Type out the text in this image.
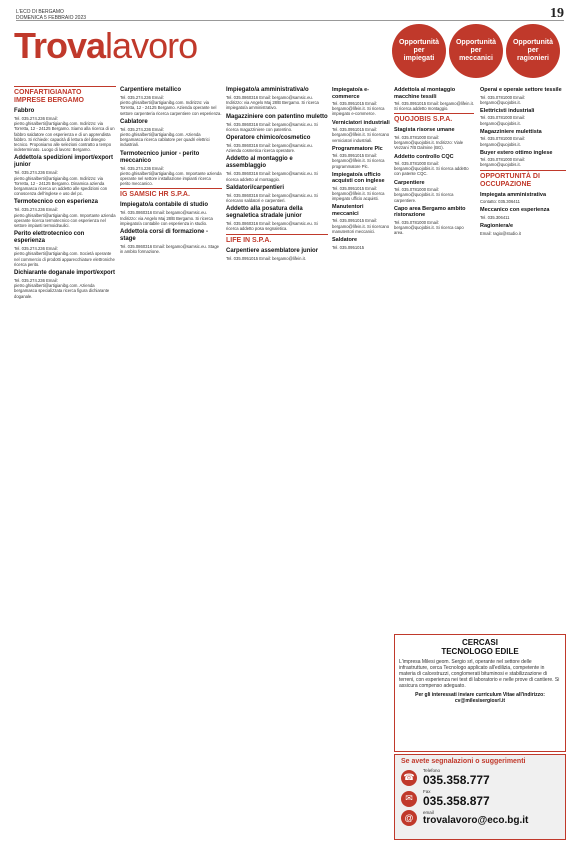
L'ECO DI BERGAMO
DOMENICA 5 FEBBRAIO 2023	19
Trovalavoro	Opportunità
per
impiegati
Opportunità
per
meccanici
Opportunità
per
ragionieri
CONFARTIGIANATO
IMPRESE BERGAMO
Fabbro

Tel. 035.274.236 Email: pietro.ghisalberti@artigianibg.com. Indirizzo: via Torretta, 12 - 24125 Bergamo. Siamo alla ricerca di un fabbro saldatore con esperienza e di un apprendista fabbro. Si richiede: capacità di lettura del disegno tecnico. Proponiamo alle selezioni contratto a tempo indeterminato. Luogo di lavoro: Bergamo.

Addetto/a spedizioni import/export junior

Tel. 035.274.236 Email: pietro.ghisalberti@artigianibg.com. Indirizzo: via Torretta, 12 - 24125 Bergamo. Dinamica azienda bergamasca ricerca un addetto alle spedizioni con conoscenza dell'inglese e uso del pc.

Termotecnico con esperienza

Tel. 035.274.236 Email: pietro.ghisalberti@artigianibg.com. Importante azienda operante ricerca termotecnico con esperienza nel settore impianti termoidraulici.

Perito elettrotecnico con esperienza

Tel. 035.274.236 Email: pietro.ghisalberti@artigianibg.com. Società operante nel commercio di prodotti apparecchiature elettroniche ricerca perito.

Dichiarante doganale import/export

Tel. 035.274.236 Email: pietro.ghisalberti@artigianibg.com. Azienda bergamasca specializzata ricerca figura dichiarante doganale.

Carpentiere metallico

Tel. 035.274.236 Email: pietro.ghisalberti@artigianibg.com. Indirizzo: via Torretta, 12 - 24125 Bergamo. Azienda operante nel settore carpenteria ricerca carpentiere con esperienza.

Cablatore

Tel. 035.274.236 Email: pietro.ghisalberti@artigianibg.com. Azienda bergamasca ricerca cablatore per quadri elettrici industriali.

Termotecnico junior - perito meccanico

Tel. 035.274.236 Email: pietro.ghisalberti@artigianibg.com. Importante azienda operante nel settore installazione impianti ricerca perito meccanico.

IG SAMSIC HR S.P.A.
Impiegato/a contabile di studio

Tel. 035.0860316 Email: bergamo@samsic.eu. Indirizzo: via Angelo Maj 28/B Bergamo. Si ricerca impiegato/a contabile con esperienza in studio.

Addetto/a corsi di formazione - stage

Tel. 035.0860316 Email: bergamo@samsic.eu. Stage in ambito formazione.

Impiegato/a amministrativa/o

Tel. 035.0860316 Email: bergamo@samsic.eu. Indirizzo: via Angelo Maj 28/B Bergamo. Si ricerca impiegato/a amministrativo.

Magazziniere con patentino muletto

Tel. 035.0860316 Email: bergamo@samsic.eu. Si ricerca magazziniere con patentino.

Operatore chimico/cosmetico

Tel. 035.0860316 Email: bergamo@samsic.eu. Azienda cosmetica ricerca operatore.

Addetto al montaggio e assemblaggio

Tel. 035.0860316 Email: bergamo@samsic.eu. Si ricerca addetto al montaggio.

Saldatori/carpentieri

Tel. 035.0860316 Email: bergamo@samsic.eu. Si ricercano saldatori e carpentieri.

Addetto alla posatura della segnaletica stradale junior

Tel. 035.0860316 Email: bergamo@samsic.eu. Si ricerca addetto posa segnaletica.

LIFE IN S.P.A.
Carpentiere assemblatore junior

Tel. 035.0951015 Email: bergamo@lifein.it.

Impiegato/a e-commerce

Tel. 035.0951015 Email: bergamo@lifein.it. Si ricerca impiegato e-commerce.

Verniciatori industriali

Tel. 035.0951015 Email: bergamo@lifein.it. Si ricercano verniciatori industriali.

Programmatore Plc

Tel. 035.0951015 Email: bergamo@lifein.it. Si ricerca programmatore Plc.

Impiegato/a ufficio acquisti con inglese

Tel. 035.0951015 Email: bergamo@lifein.it. Si ricerca impiegato ufficio acquisti.

Manutentori meccanici

Tel. 035.0951015 Email: bergamo@lifein.it. Si ricercano manutentori meccanici.

Saldatore

Tel. 035.0951015

Addetto/a al montaggio macchine tessili

Tel. 035.0951015 Email: bergamo@lifein.it. Si ricerca addetto montaggio.

QUOJOBIS S.P.A.
Stagista risorse umane

Tel. 035.0781000 Email: bergamo@quojobis.it. Indirizzo: Viale Vezzani 7/B Dalmine (BG).

Addetto controllo CQC

Tel. 035.0781000 Email: bergamo@quojobis.it. Si ricerca addetto con patente CQC.

Carpentiere

Tel. 035.0781000 Email: bergamo@quojobis.it. Si ricerca carpentiere.

Capo area Bergamo ambito ristorazione

Tel. 035.0781000 Email: bergamo@quojobis.it. Si ricerca capo area.

Operai e operaie settore tessile

Tel. 035.0781000 Email: bergamo@quojobis.it.

Elettricisti industriali

Tel. 035.0781000 Email: bergamo@quojobis.it.

Magazziniere mulettista

Tel. 035.0781000 Email: bergamo@quojobis.it.

Buyer estero ottimo inglese

Tel. 035.0781000 Email: bergamo@quojobis.it.

OPPORTUNITÀ DI OCCUPAZIONE
Impiegata amministrativa

Contatto: 035.306411

Meccanico con esperienza

Tel. 035.306411

Ragioniera/e

Email: ragio@studio.it

CERCASI
TECNOLOGO EDILE
L'impresa Milesi geom. Sergio srl, operante nel settore delle infrastrutture, cerca Tecnologo applicato all'edilizia, competente in materia di calcestruzzi, conglomerati bituminosi e stabilizzazione di terreni, con esperienza nei test di laboratorio e nelle prove di cantiere. Si assicura compenso adeguato.
Per gli interessati inviare curriculum Vitae all'indirizzo: cv@milesisergiosrl.it
Se avete segnalazioni o suggerimenti
☎
Telefono
035.358.777
✉
Fax
035.358.877
@
email
trovalavoro@eco.bg.it
